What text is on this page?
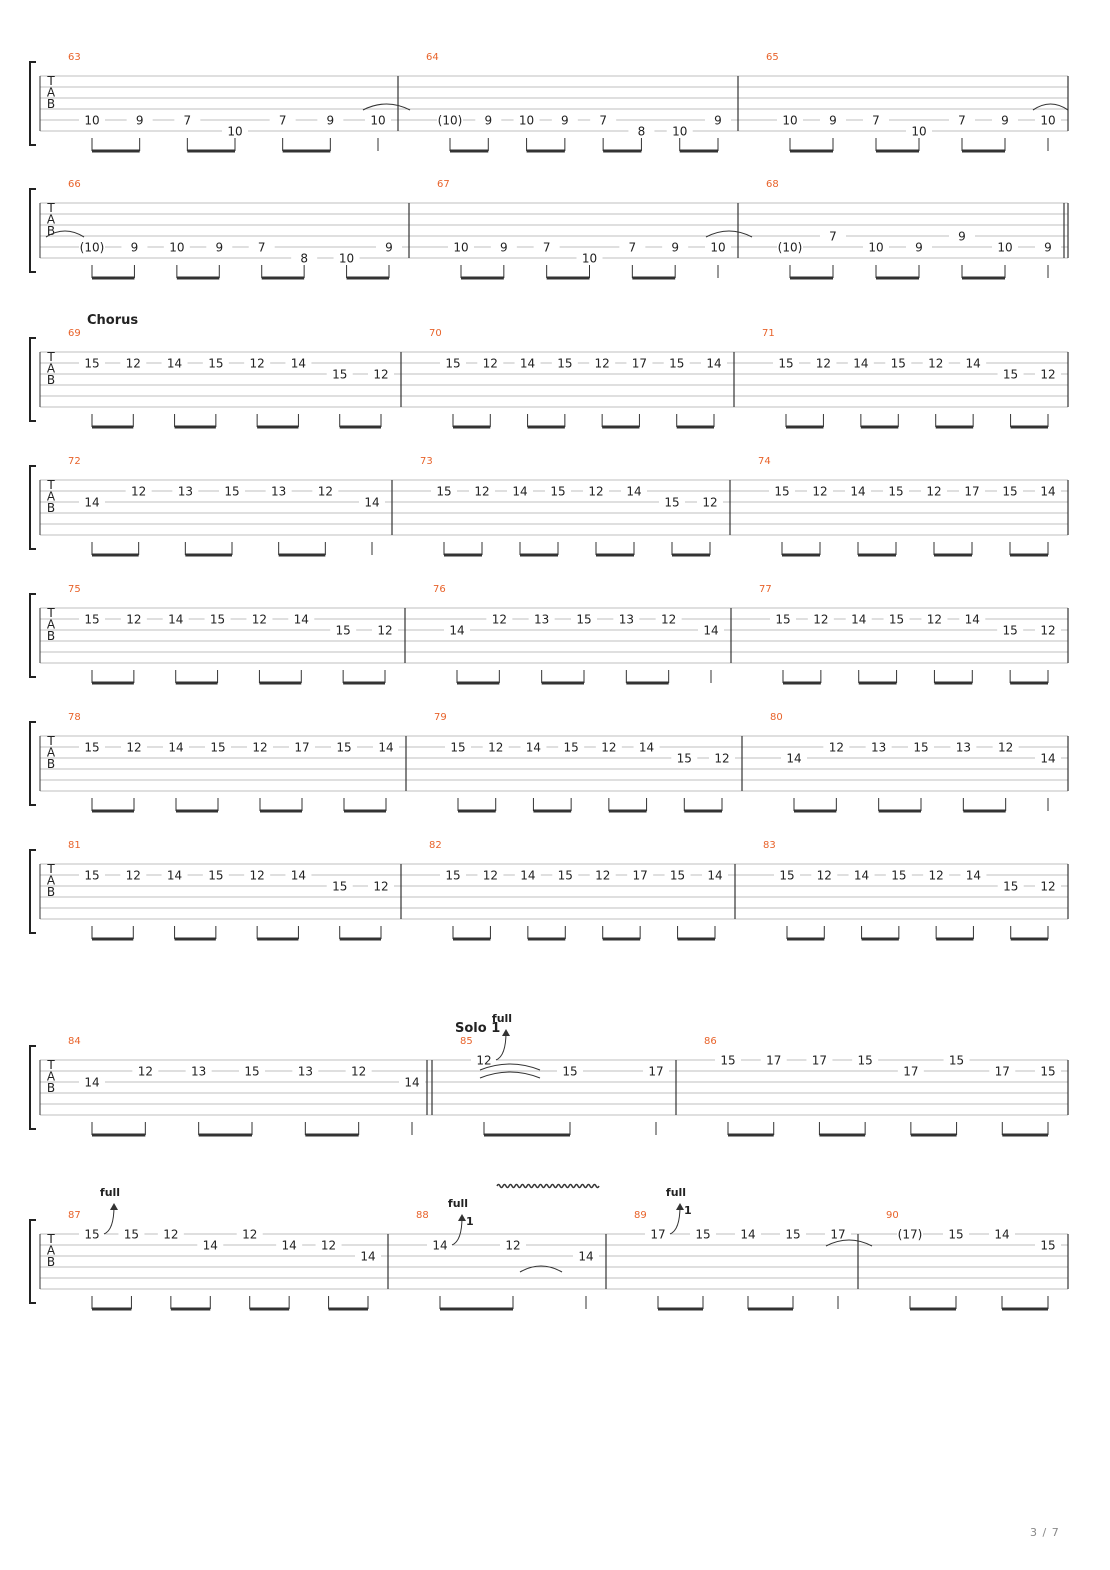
T
A
B
63
10	9	7
10
7	9	10
64
(10) 9 10 9	7
8 10
9
65
10	9	7
10
7	9	10
T
A
B
66
(10) 9	10	9	7
8	10
9
67
10	9	7
10
7	9	10
68
(10)
7
10	9
9
10	9
Chorus
T
A
B
69
15 12 14 15 12 14
15 12
70
15 12 14 15 12 17 15 14
71
15 12 14 15 12 14
15 12
T
A
B
72
14
12	13	15	13	12
14
73
15 12 14 15 12 14
15 12
74
15 12 14 15 12 17 15 14
T
A
B
75
15 12 14 15 12 14
15 12
76
14
12 13 15 13 12
14
77
15 12 14 15 12 14
15 12
T
A
B
78
15 12 14 15 12 17 15 14
79
15 12 14 15 12 14
15 12
80
14
12 13 15 13 12
14
T
A
B
81
15 12 14 15 12 14
15 12
82
15 12 14 15 12 17 15 14
83
15 12 14 15 12 14
15 12
Solo 1
T
A
B
84
14
12	13	15	13	12
14
85
12
15	17
full
86
15	17	17	15
17
15
17	15
T
A
B
87
15 15 12
14
12
14 12
14
full
88
14	12
14
full
1	89
17 15 14 15 17
full
1	90
(17) 15	14
15
3 / 7
